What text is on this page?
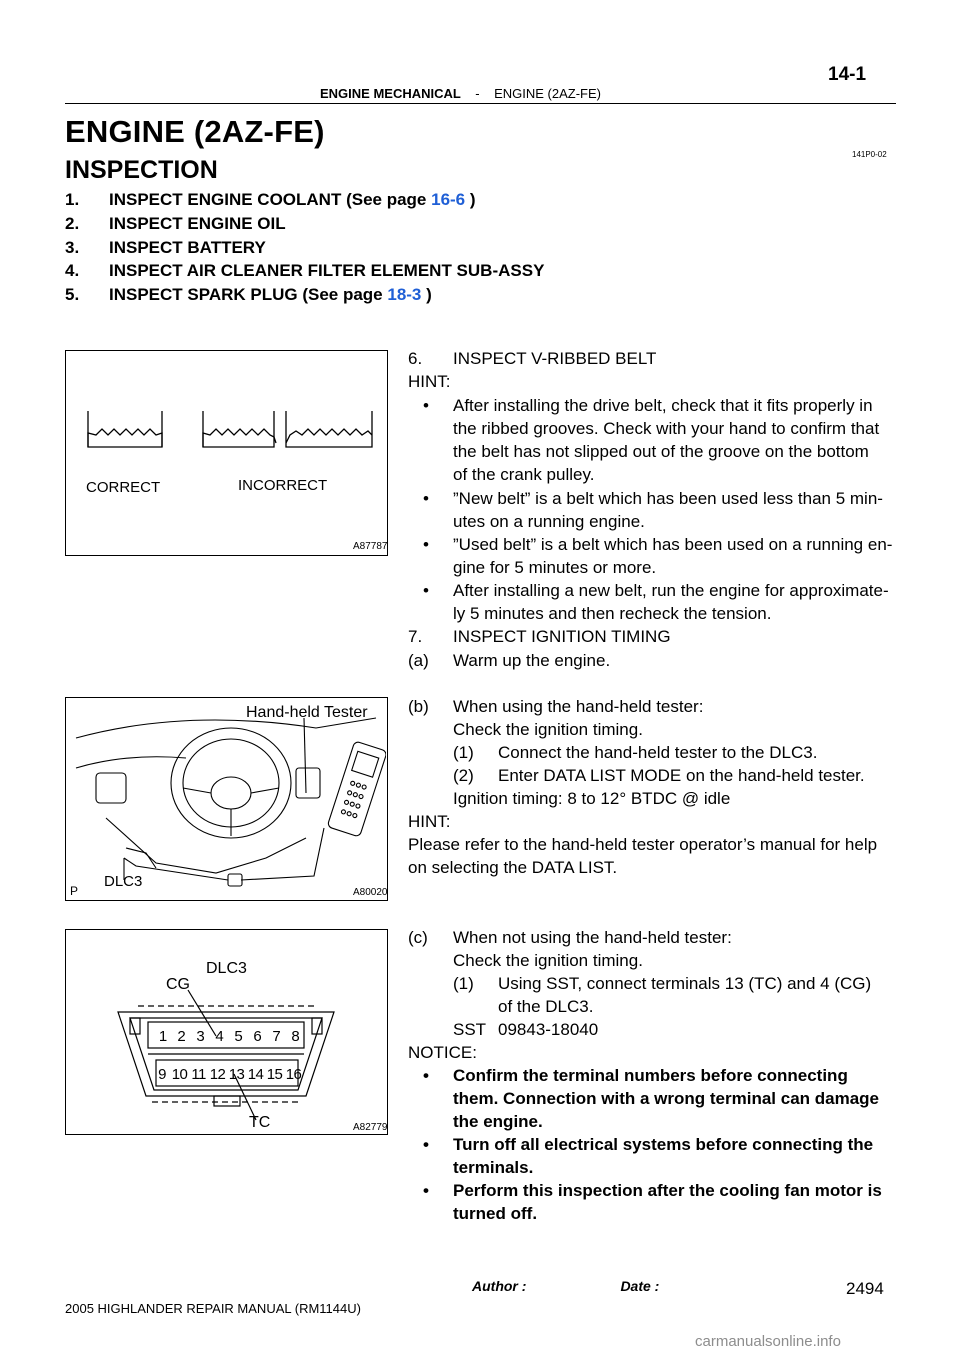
14-1
ENGINE MECHANICAL - ENGINE (2AZ-FE)
ENGINE (2AZ-FE)
141P0-02
INSPECTION
1. INSPECT ENGINE COOLANT (See page 16-6 )
2. INSPECT ENGINE OIL
3. INSPECT BATTERY
4. INSPECT AIR CLEANER FILTER ELEMENT SUB-ASSY
5. INSPECT SPARK PLUG (See page 18-3 )
CORRECT	INCORRECT
A87787
Hand-held Tester
DLC3
P	A80020
DLC3
CG
TC
1 2 3 4 5 6 7 8
9 10 11 12 13 14 15 16
A82779
6. INSPECT V-RIBBED BELT
HINT:
• After installing the drive belt, check that it fits properly in
the ribbed grooves. Check with your hand to confirm that
the belt has not slipped out of the groove on the bottom
of the crank pulley.
• ”New belt” is a belt which has been used less than 5 min-
utes on a running engine.
• ”Used belt” is a belt which has been used on a running en-
gine for 5 minutes or more.
• After installing a new belt, run the engine for approximate-
ly 5 minutes and then recheck the tension.
7. INSPECT IGNITION TIMING
(a) Warm up the engine.
(b) When using the hand-held tester:
Check the ignition timing.
(1) Connect the hand-held tester to the DLC3.
(2) Enter DATA LIST MODE on the hand-held tester.
Ignition timing: 8 to 12° BTDC @ idle
HINT:
Please refer to the hand-held tester operator’s manual for help
on selecting the DATA LIST.
(c) When not using the hand-held tester:
Check the ignition timing.
(1) Using SST, connect terminals 13 (TC) and 4 (CG)
of the DLC3.
SST 09843-18040
NOTICE:
• Confirm the terminal numbers before connecting
them. Connection with a wrong terminal can damage
the engine.
• Turn off all electrical systems before connecting the
terminals.
• Perform this inspection after the cooling fan motor is
turned off.
2494
Author :	Date :
2005 HIGHLANDER REPAIR MANUAL (RM1144U)
carmanualsonline.info
